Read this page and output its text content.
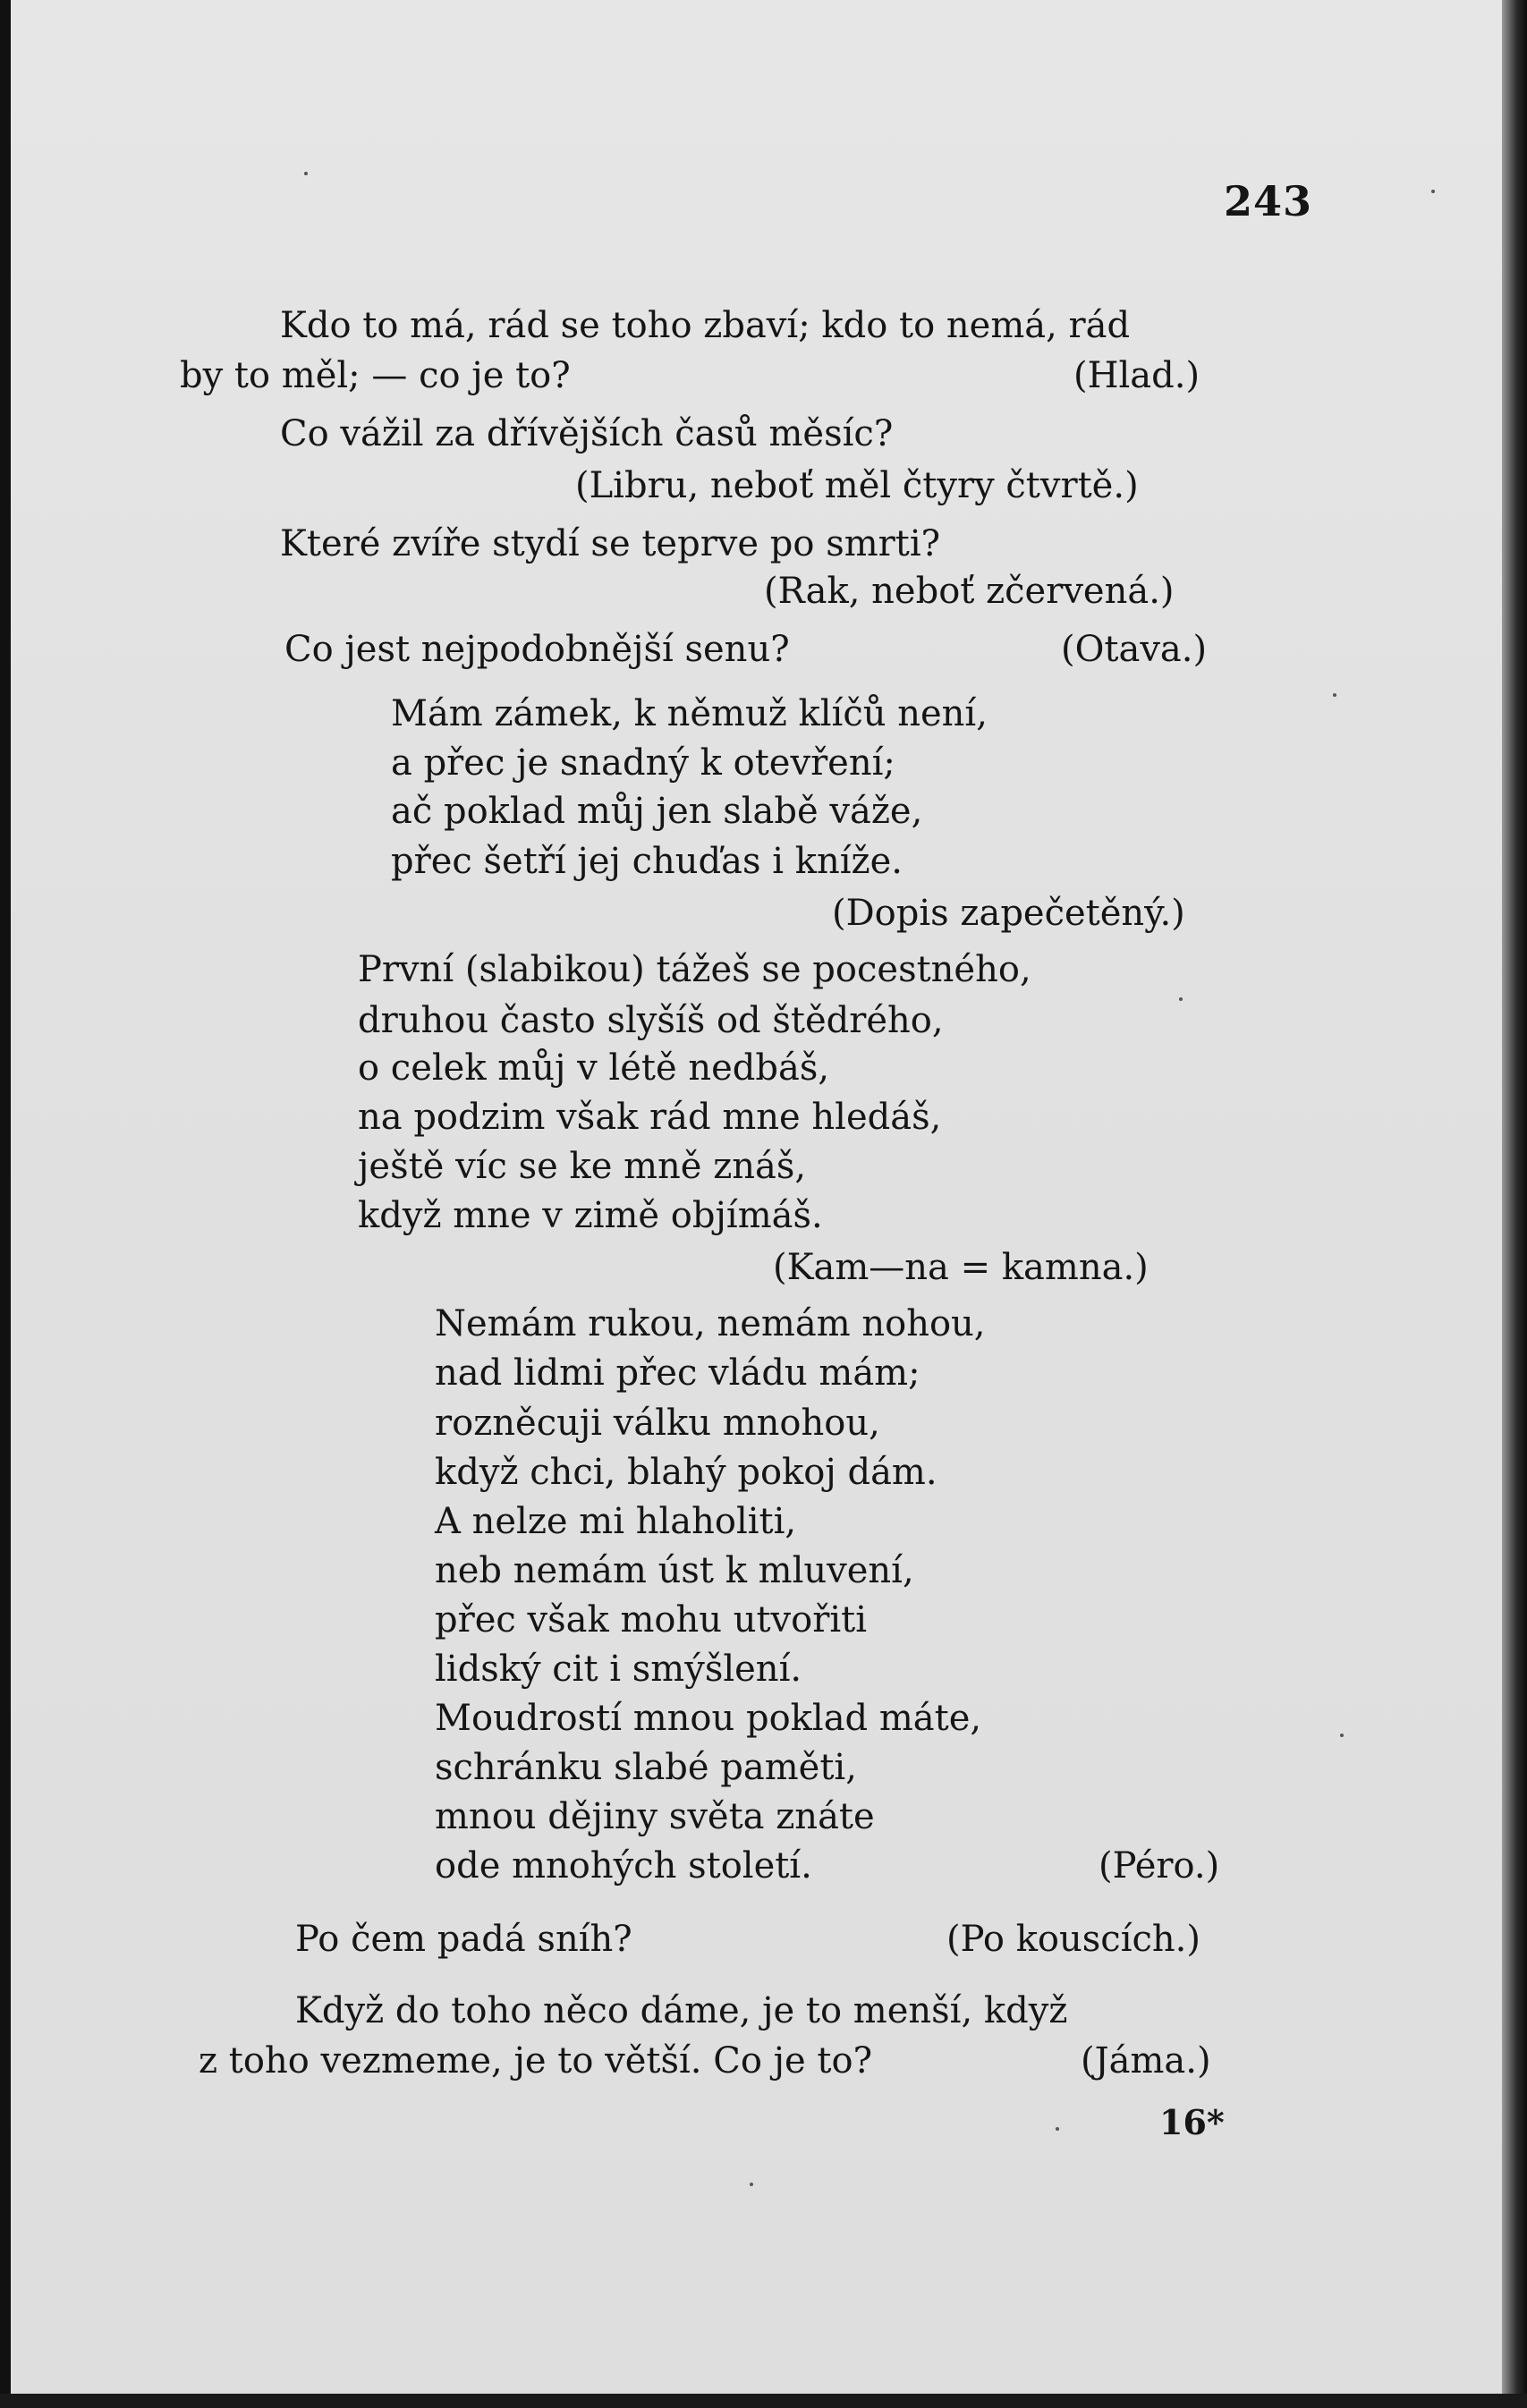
243
Kdo to má, rád se toho zbaví; kdo to nemá, rád
by to měl; — co je to?	(Hlad.)
Co vážil za dřívějších časů měsíc?
(Libru, neboť měl čtyry čtvrtě.)
Které zvíře stydí se teprve po smrti?
(Rak, neboť zčervená.)
Co jest nejpodobnější senu?	(Otava.)
Mám zámek, k němuž klíčů není,
a přec je snadný k otevření;
ač poklad můj jen slabě váže,
přec šetří jej chuďas i kníže.
(Dopis zapečetěný.)
První (slabikou) tážeš se pocestného,
druhou často slyšíš od štědrého,
o celek můj v létě nedbáš,
na podzim však rád mne hledáš,
ještě víc se ke mně znáš,
když mne v zimě objímáš.
(Kam—na = kamna.)
Nemám rukou, nemám nohou,
nad lidmi přec vládu mám;
rozněcuji válku mnohou,
když chci, blahý pokoj dám.
A nelze mi hlaholiti,
neb nemám úst k mluvení,
přec však mohu utvořiti
lidský cit i smýšlení.
Moudrostí mnou poklad máte,
schránku slabé paměti,
mnou dějiny světa znáte
ode mnohých století.	(Péro.)
Po čem padá sníh?	(Po kouscích.)
Když do toho něco dáme, je to menší, když
z toho vezmeme, je to větší. Co je to?	(Jáma.)
16*
